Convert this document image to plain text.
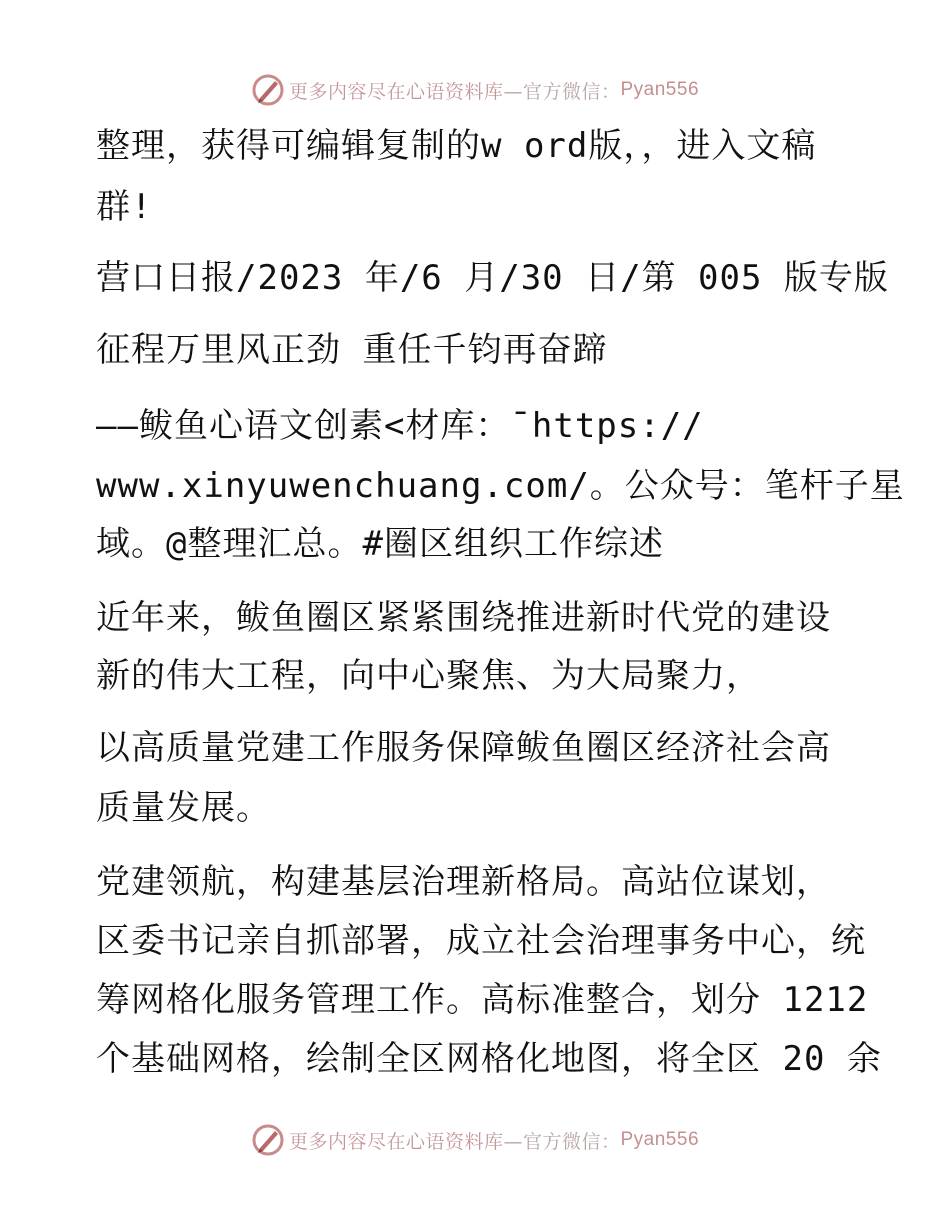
更多内容尽在心语资料库 —官方微信： Pyan556
整理，获得可编辑复制的w ord版，，进入文稿
群!
营口日报/2023 年/6 月/30 日/第 005 版专版
征程万里风正劲 重任千钧再奋蹄
——鲅鱼心语文创素<材库：¯https://
www.xinyuwenchuang.com/。公众号：笔杆子星
域。@整理汇总。#圈区组织工作综述
近年来，鲅鱼圈区紧紧围绕推进新时代党的建设
新的伟大工程，向中心聚焦、为大局聚力，
以高质量党建工作服务保障鲅鱼圈区经济社会高
质量发展。
党建领航，构建基层治理新格局。高站位谋划，
区委书记亲自抓部署，成立社会治理事务中心，统
筹网格化服务管理工作。高标准整合，划分 1212
个基础网格，绘制全区网格化地图，将全区 20 余
更多内容尽在心语资料库 —官方微信： Pyan556
